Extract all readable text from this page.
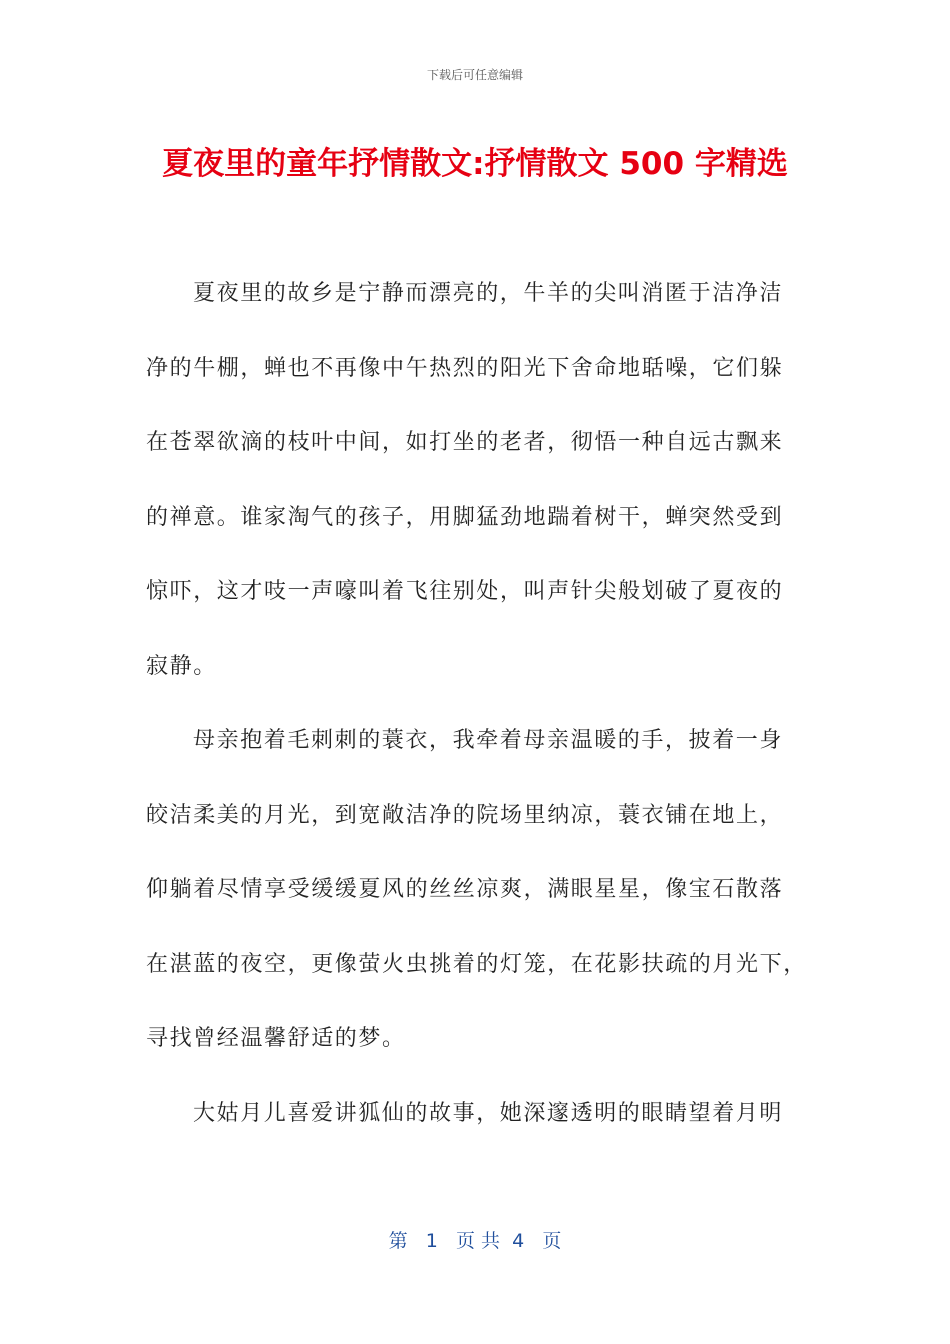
下载后可任意编辑
夏夜里的童年抒情散文:抒情散文 500 字精选
夏夜里的故乡是宁静而漂亮的，牛羊的尖叫消匿于洁净洁
净的牛棚，蝉也不再像中午热烈的阳光下舍命地聒噪，它们躲
在苍翠欲滴的枝叶中间，如打坐的老者，彻悟一种自远古飘来
的禅意。谁家淘气的孩子，用脚猛劲地踹着树干，蝉突然受到
惊吓，这才吱一声嚎叫着飞往别处，叫声针尖般划破了夏夜的
寂静。
母亲抱着毛刺刺的蓑衣，我牵着母亲温暖的手，披着一身
皎洁柔美的月光，到宽敞洁净的院场里纳凉，蓑衣铺在地上，
仰躺着尽情享受缓缓夏风的丝丝凉爽，满眼星星，像宝石散落
在湛蓝的夜空，更像萤火虫挑着的灯笼，在花影扶疏的月光下，
寻找曾经温馨舒适的梦。
大姑月儿喜爱讲狐仙的故事，她深邃透明的眼睛望着月明
第   1   页 共  4   页
